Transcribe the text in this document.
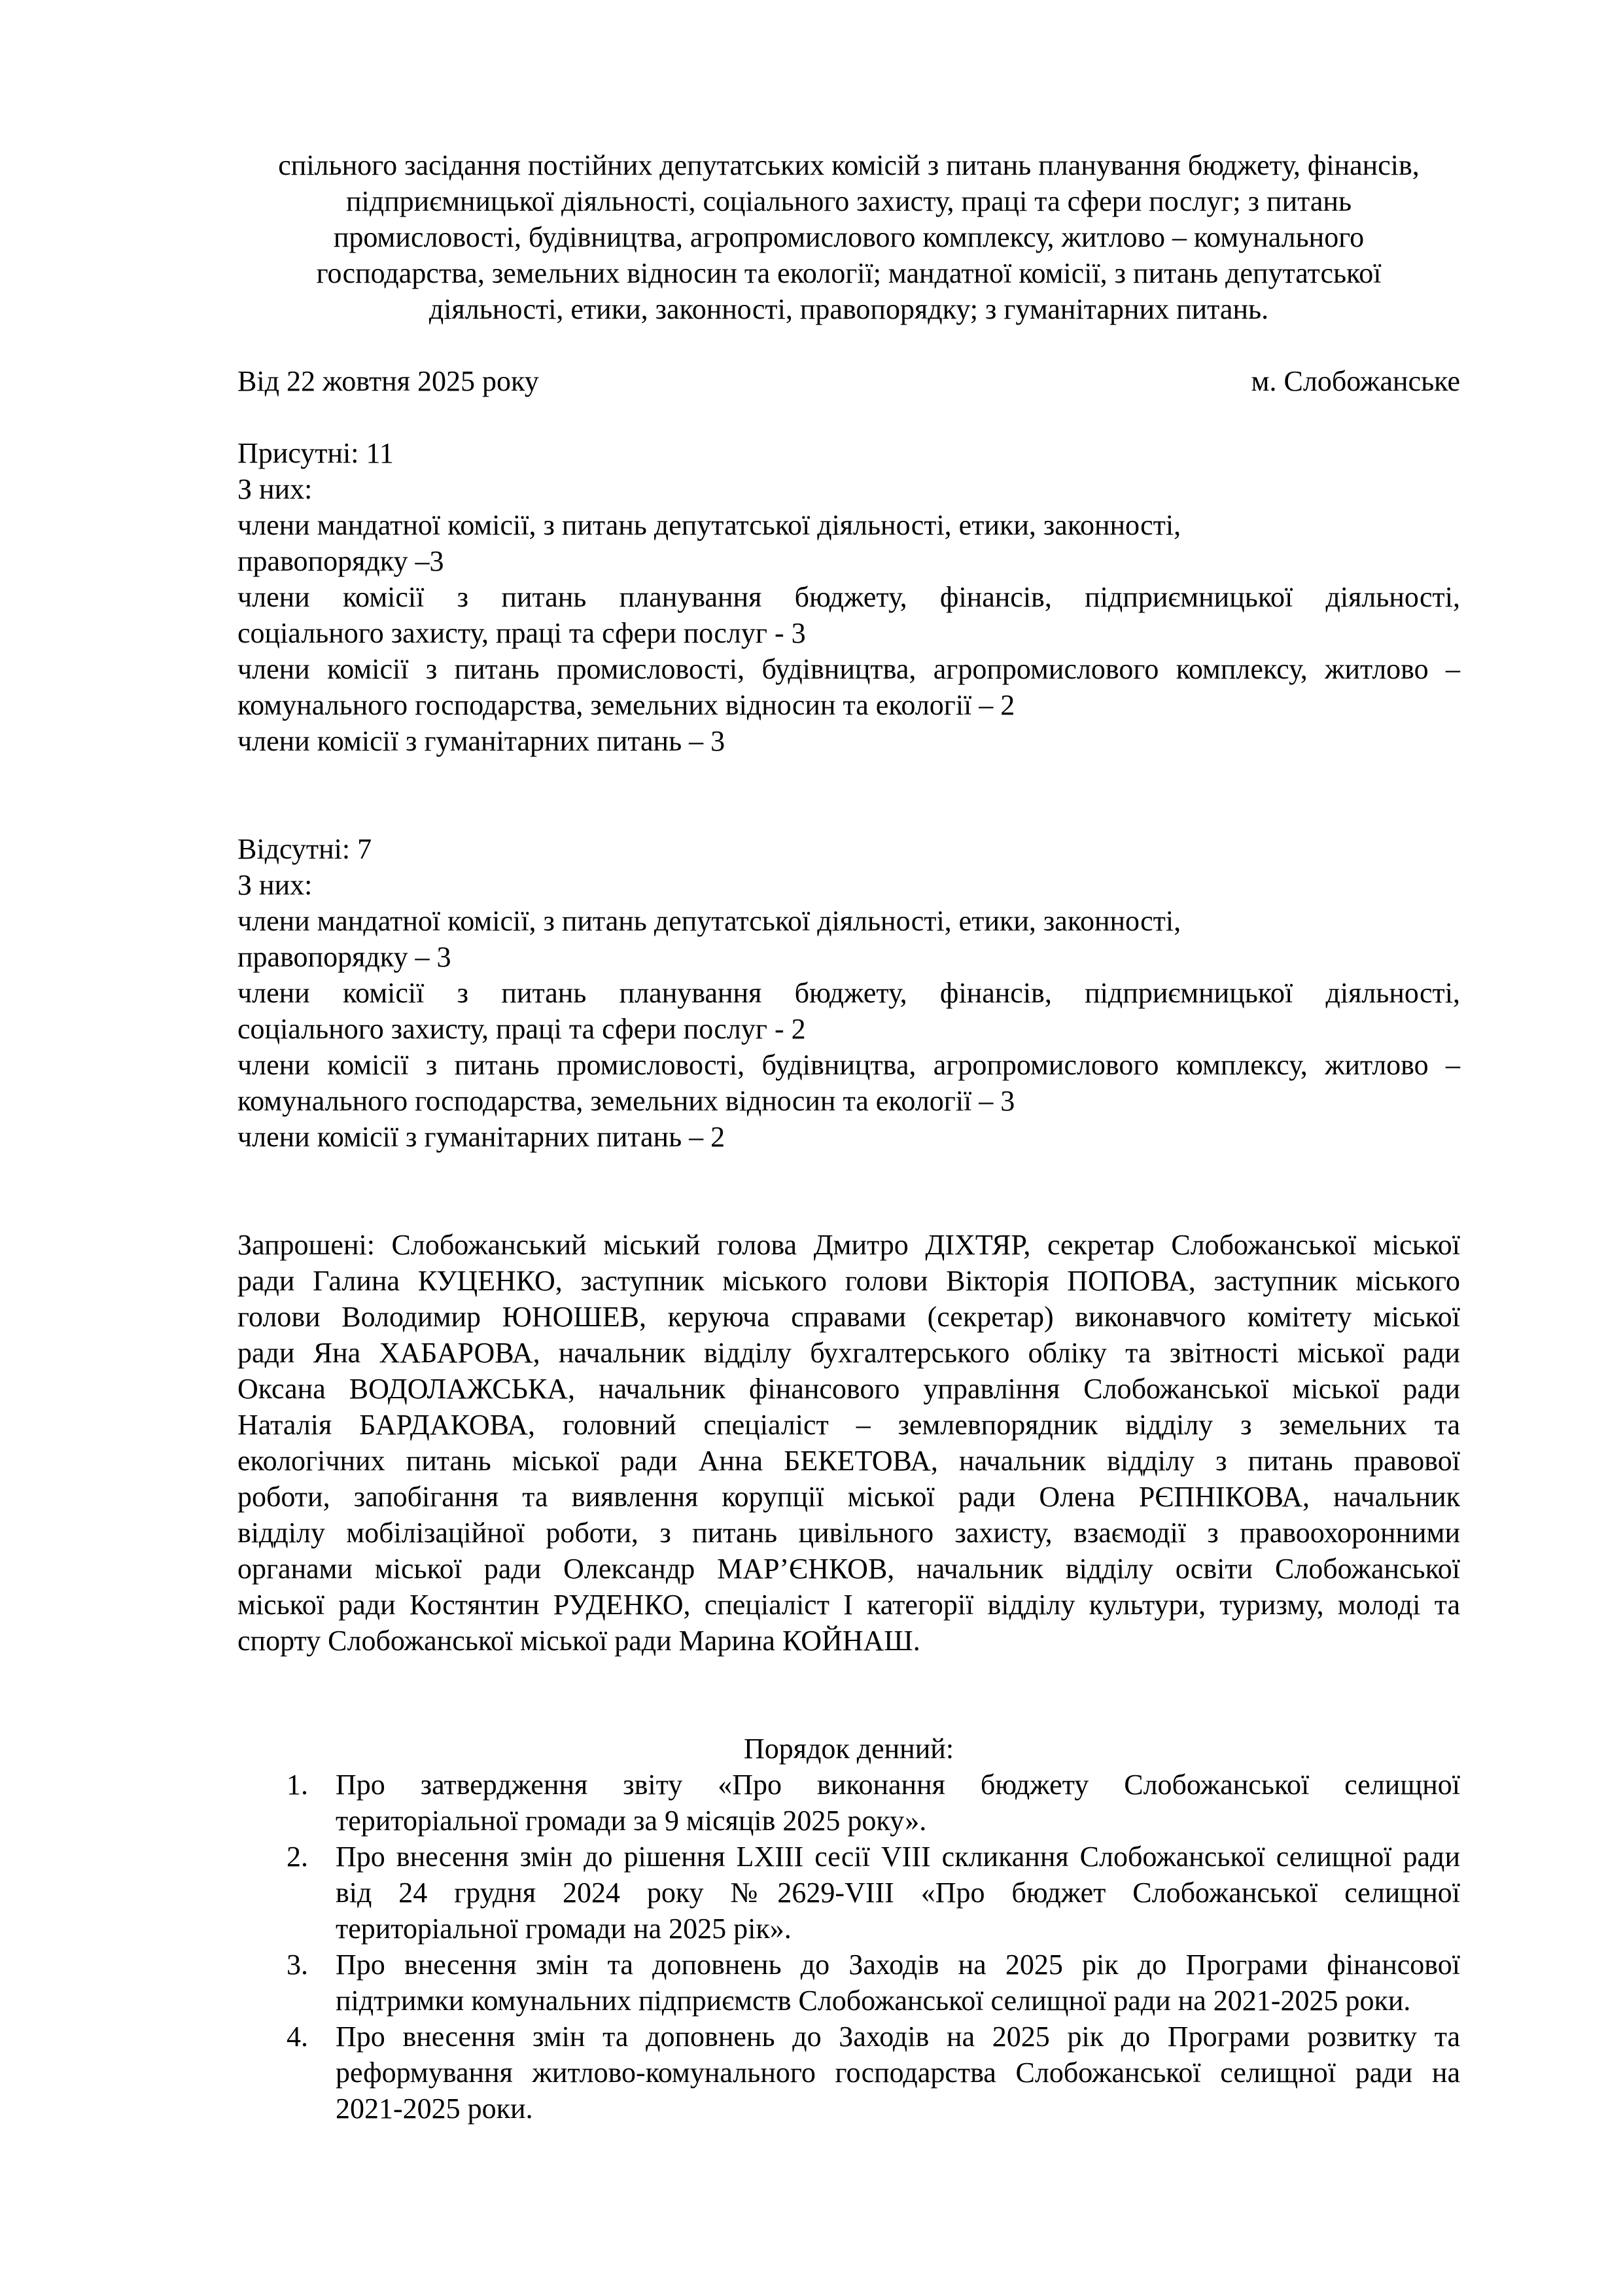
спільного засідання постійних депутатських комісій з питань планування бюджету, фінансів,
підприємницької діяльності, соціального захисту, праці та сфери послуг; з питань
промисловості, будівництва, агропромислового комплексу, житлово – комунального
господарства, земельних відносин та екології; мандатної комісії, з питань депутатської
діяльності, етики, законності, правопорядку; з гуманітарних питань.
Від 22 жовтня 2025 року	м. Слобожанське
Присутні: 11
З них:
члени мандатної комісії, з питань депутатської діяльності, етики, законності,
правопорядку –3
члени комісії з питань планування бюджету, фінансів, підприємницької діяльності,
соціального захисту, праці та сфери послуг - 3
члени комісії з питань промисловості, будівництва, агропромислового комплексу, житлово –
комунального господарства, земельних відносин та екології – 2
члени комісії з гуманітарних питань – 3
Відсутні: 7
З них:
члени мандатної комісії, з питань депутатської діяльності, етики, законності,
правопорядку – 3
члени комісії з питань планування бюджету, фінансів, підприємницької діяльності,
соціального захисту, праці та сфери послуг - 2
члени комісії з питань промисловості, будівництва, агропромислового комплексу, житлово –
комунального господарства, земельних відносин та екології – 3
члени комісії з гуманітарних питань – 2
Запрошені: Слобожанський міський голова Дмитро ДІХТЯР, секретар Слобожанської міської
ради Галина КУЦЕНКО, заступник міського голови Вікторія ПОПОВА, заступник міського
голови Володимир ЮНОШЕВ, керуюча справами (секретар) виконавчого комітету міської
ради Яна ХАБАРОВА, начальник відділу бухгалтерського обліку та звітності міської ради
Оксана ВОДОЛАЖСЬКА, начальник фінансового управління Слобожанської міської ради
Наталія БАРДАКОВА, головний спеціаліст – землевпорядник відділу з земельних та
екологічних питань міської ради Анна БЕКЕТОВА, начальник відділу з питань правової
роботи, запобігання та виявлення корупції міської ради Олена РЄПНІКОВА, начальник
відділу мобілізаційної роботи, з питань цивільного захисту, взаємодії з правоохоронними
органами міської ради Олександр МАР’ЄНКОВ, начальник відділу освіти Слобожанської
міської ради Костянтин РУДЕНКО, спеціаліст І категорії відділу культури, туризму, молоді та
спорту Слобожанської міської ради Марина КОЙНАШ.
Порядок денний:
1. Про затвердження звіту «Про виконання бюджету Слобожанської селищної
територіальної громади за 9 місяців 2025 року».
2. Про внесення змін до рішення LXIII сесії VIII скликання Слобожанської селищної ради
від 24 грудня 2024 року №2629-VIII «Про бюджет Слобожанської селищної
територіальної громади на 2025 рік».
3. Про внесення змін та доповнень до Заходів на 2025 рік до Програми фінансової
підтримки комунальних підприємств Слобожанської селищної ради на 2021-2025 роки.
4. Про внесення змін та доповнень до Заходів на 2025 рік до Програми розвитку та
реформування житлово-комунального господарства Слобожанської селищної ради на
2021-2025 роки.
